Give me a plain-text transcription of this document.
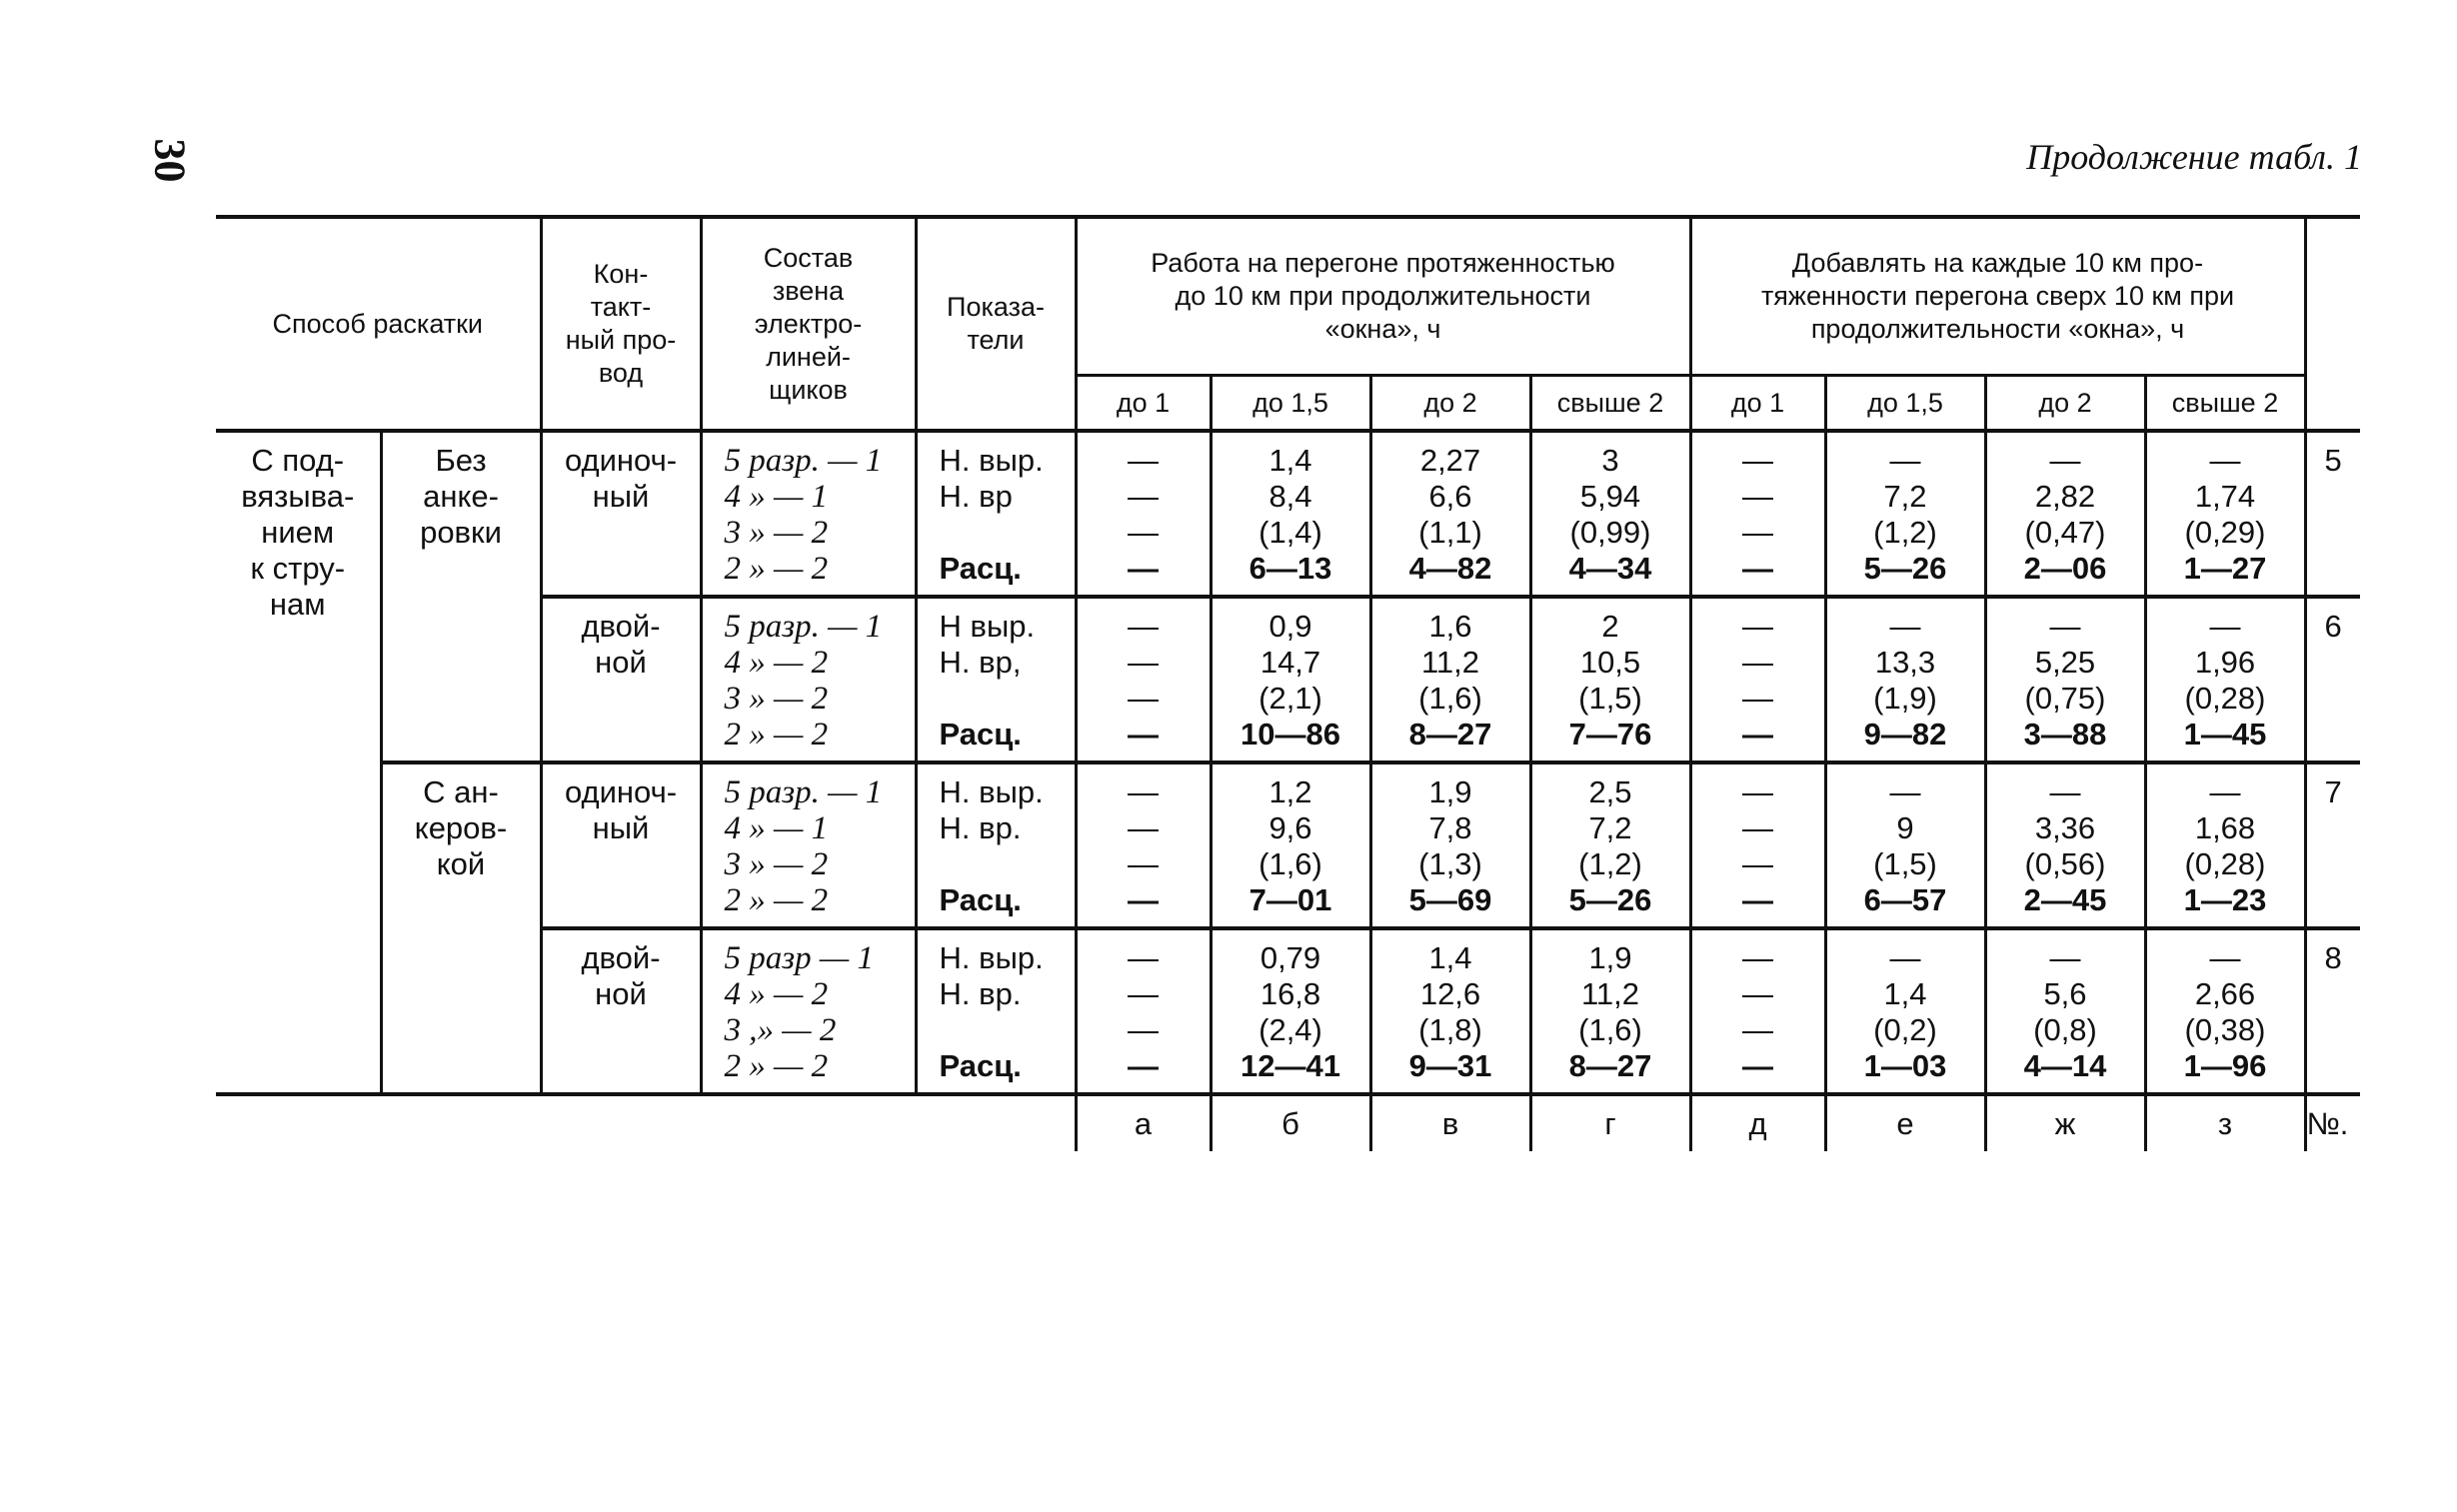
30	Продолжение табл. 1
Способ раскатки		Кон-
такт-
ный про-
вод	Состав
звена
электро-
линей-
щиков	Показа-
тели	Работа на перегоне протяженностью
до 10 км при продолжительности
«окна», ч				Добавлять на каждые 10 км про-
тяженности перегона сверх 10 км при
продолжительности «окна», ч				
					до 1	до 1,5	до 2	свыше 2	до 1	до 1,5	до 2	свыше 2	
С под-
вязыва-
нием
к стру-
нам	Без
анке-
ровки	одиноч-
ный	5 разр. — 1
4 » — 1
3 » — 2
2 » — 2	Н. выр.
Н. вр
Расц.	—
—
—
—	1,4
8,4
(1,4)
6—13	2,27
6,6
(1,1)
4—82	3
5,94
(0,99)
4—34	—
—
—
—	—
7,2
(1,2)
5—26	—
2,82
(0,47)
2—06	—
1,74
(0,29)
1—27	5
		двой-
ной	5 разр. — 1
4 » — 2
3 » — 2
2 » — 2	Н выр.
Н. вр,
Расц.	—
—
—
—	0,9
14,7
(2,1)
10—86	1,6
11,2
(1,6)
8—27	2
10,5
(1,5)
7—76	—
—
—
—	—
13,3
(1,9)
9—82	—
5,25
(0,75)
3—88	—
1,96
(0,28)
1—45	6
	С ан-
керов-
кой	одиноч-
ный	5 разр. — 1
4 » — 1
3 » — 2
2 » — 2	Н. выр.
Н. вр.
Расц.	—
—
—
—	1,2
9,6
(1,6)
7—01	1,9
7,8
(1,3)
5—69	2,5
7,2
(1,2)
5—26	—
—
—
—	—
9
(1,5)
6—57	—
3,36
(0,56)
2—45	—
1,68
(0,28)
1—23	7
		двой-
ной	5 разр — 1
4 » — 2
3 ,» — 2
2 » — 2	Н. выр.
Н. вр.
Расц.	—
—
—
—	0,79
16,8
(2,4)
12—41	1,4
12,6
(1,8)
9—31	1,9
11,2
(1,6)
8—27	—
—
—
—	—
1,4
(0,2)
1—03	—
5,6
(0,8)
4—14	—
2,66
(0,38)
1—96	8
					а	б	в	г	д	е	ж	з	№.
